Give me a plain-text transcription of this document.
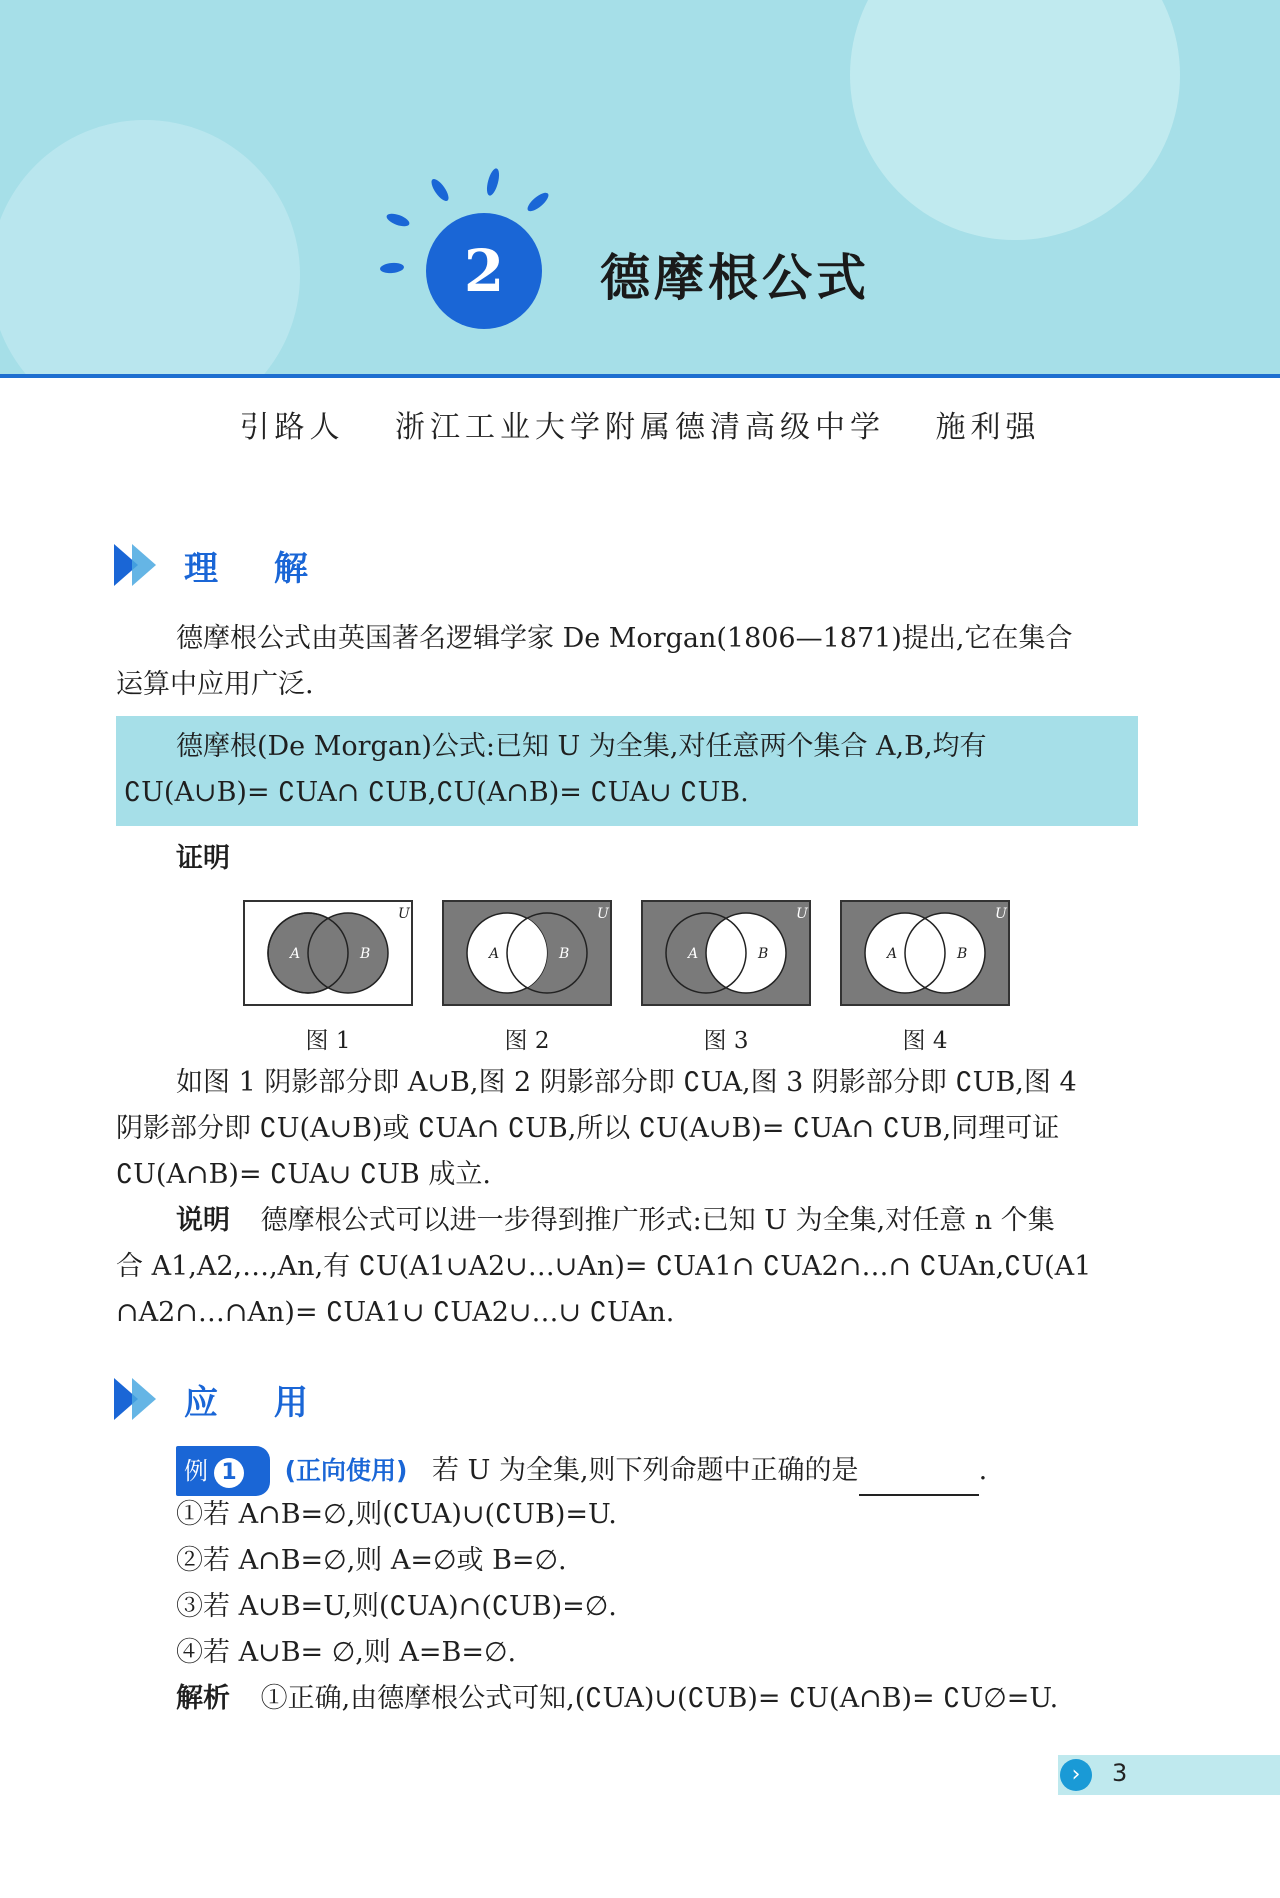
2	德摩根公式
引路人 浙江工业大学附属德清高级中学 施利强
理 解
德摩根公式由英国著名逻辑学家 De Morgan(1806—1871)提出,它在集合
运算中应用广泛.
德摩根(De Morgan)公式:已知 U 为全集,对任意两个集合 A,B,均有
∁U(A∪B)= ∁UA∩ ∁UB,∁U(A∩B)= ∁UA∪ ∁UB.
证明
U
A	B
U
A	B
U
A	B
U
A	B
图 1	图 2	图 3	图 4
如图 1 阴影部分即 A∪B,图 2 阴影部分即 ∁UA,图 3 阴影部分即 ∁UB,图 4
阴影部分即 ∁U(A∪B)或 ∁UA∩ ∁UB,所以 ∁U(A∪B)= ∁UA∩ ∁UB,同理可证
∁U(A∩B)= ∁UA∪ ∁UB 成立.
说明 德摩根公式可以进一步得到推广形式:已知 U 为全集,对任意 n 个集
合 A1,A2,…,An,有 ∁U(A1∪A2∪…∪An)= ∁UA1∩ ∁UA2∩…∩ ∁UAn,∁U(A1
∩A2∩…∩An)= ∁UA1∪ ∁UA2∪…∪ ∁UAn.
应 用
例 1 (正向使用) 若 U 为全集,则下列命题中正确的是	.
①若 A∩B=∅,则(∁UA)∪(∁UB)=U.
②若 A∩B=∅,则 A=∅或 B=∅.
③若 A∪B=U,则(∁UA)∩(∁UB)=∅.
④若 A∪B= ∅,则 A=B=∅.
解析 ①正确,由德摩根公式可知,(∁UA)∪(∁UB)= ∁U(A∩B)= ∁U∅=U.
›	3
